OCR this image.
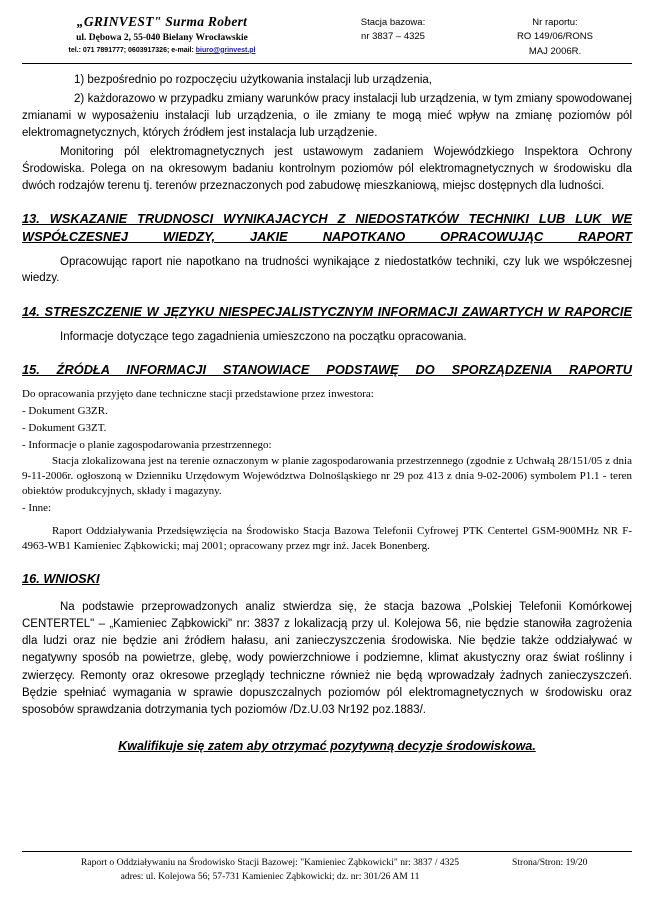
„GRINVEST" Surma Robert
ul. Dębowa 2, 55-040 Bielany Wrocławskie
tel.: 071 7891777; 0603917326; e-mail: biuro@grinvest.pl
Stacja bazowa:
nr 3837 – 4325
Nr raportu:
RO 149/06/RONS
MAJ 2006R.

1) bezpośrednio po rozpoczęciu użytkowania instalacji lub urządzenia,

2) każdorazowo w przypadku zmiany warunków pracy instalacji lub urządzenia, w tym zmiany spowodowanej zmianami w wyposażeniu instalacji lub urządzenia, o ile zmiany te mogą mieć wpływ na zmianę poziomów pól elektromagnetycznych, których źródłem jest instalacja lub urządzenie.

Monitoring pól elektromagnetycznych jest ustawowym zadaniem Wojewódzkiego Inspektora Ochrony Środowiska. Polega on na okresowym badaniu kontrolnym poziomów pól elektromagnetycznych w środowisku dla dwóch rodzajów terenu tj. terenów przeznaczonych pod zabudowę mieszkaniową, miejsc dostępnych dla ludności.

13. WSKAZANIE TRUDNOSCI WYNIKAJACYCH Z NIEDOSTATKÓW TECHNIKI LUB LUK WE WSPÓŁCZESNEJ WIEDZY, JAKIE NAPOTKANO OPRACOWUJĄC RAPORT

Opracowując raport nie napotkano na trudności wynikające z niedostatków techniki, czy luk we współczesnej wiedzy.

14. STRESZCZENIE W JĘZYKU NIESPECJALISTYCZNYM INFORMACJI ZAWARTYCH W RAPORCIE

Informacje dotyczące tego zagadnienia umieszczono na początku opracowania.

15. ŹRÓDŁA INFORMACJI STANOWIACE PODSTAWĘ DO SPORZĄDZENIA RAPORTU

Do opracowania przyjęto dane techniczne stacji przedstawione przez inwestora:

- Dokument G3ZR.

- Dokument G3ZT.

- Informacje o planie zagospodarowania przestrzennego:

Stacja zlokalizowana jest na terenie oznaczonym w planie zagospodarowania przestrzennego (zgodnie z Uchwałą 28/151/05 z dnia 9-11-2006r. ogłoszoną w Dzienniku Urzędowym Województwa Dolnośląskiego nr 29 poz 413 z dnia 9-02-2006) symbolem P1.1 - teren obiektów produkcyjnych, składy i magazyny.

- Inne:

Raport Oddziaływania Przedsięwzięcia na Środowisko Stacja Bazowa Telefonii Cyfrowej PTK Centertel GSM-900MHz NR F-4963-WB1 Kamieniec Ząbkowicki; maj 2001; opracowany przez mgr inż. Jacek Bonenberg.

16. WNIOSKI

Na podstawie przeprowadzonych analiz stwierdza się, że stacja bazowa „Polskiej Telefonii Komórkowej CENTERTEL" – „Kamieniec Ząbkowicki" nr: 3837 z lokalizacją przy ul. Kolejowa 56, nie będzie stanowiła zagrożenia dla ludzi oraz nie będzie ani źródłem hałasu, ani zanieczyszczenia środowiska. Nie będzie także oddziaływać w negatywny sposób na powietrze, glebę, wody powierzchniowe i podziemne, klimat akustyczny oraz świat roślinny i zwierzęcy. Remonty oraz okresowe przeglądy techniczne również nie będą wprowadzały żadnych zanieczyszczeń. Będzie spełniać wymagania w sprawie dopuszczalnych poziomów pól elektromagnetycznych w środowisku oraz sposobów sprawdzania dotrzymania tych poziomów /Dz.U.03 Nr192 poz.1883/.

Kwalifikuje się zatem aby otrzymać pozytywną decyzje środowiskowa.
Raport o Oddziaływaniu na Środowisko Stacji Bazowej: "Kamieniec Ząbkowicki" nr: 3837 / 4325
adres: ul. Kolejowa 56; 57-731 Kamieniec Ząbkowicki; dz. nr: 301/26 AM 11
Strona/Stron: 19/20
